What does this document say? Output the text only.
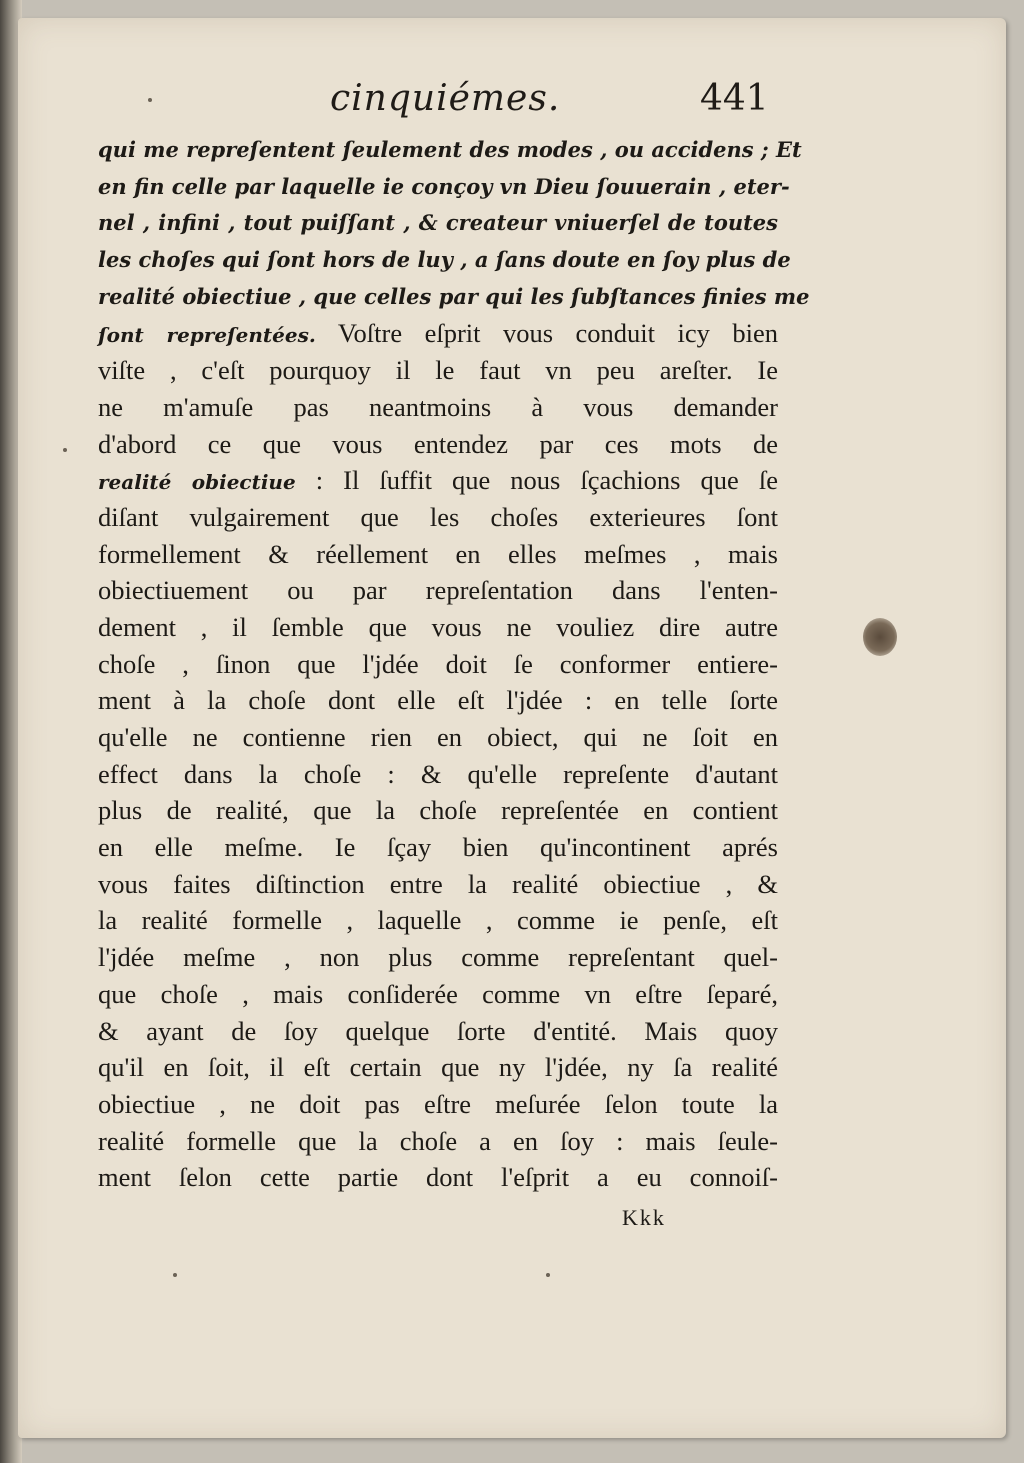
cinquiémes.	441
qui me repreſentent ſeulement des modes , ou accidens ; Et
en fin celle par laquelle ie conçoy vn Dieu ſouuerain , eter-
nel , infini , tout puiſſant , & createur vniuerſel de toutes
les choſes qui ſont hors de luy , a ſans doute en ſoy plus de
realité obiectiue , que celles par qui les ſubſtances finies me
ſont repreſentées. Voſtre eſprit vous conduit icy bien
viſte , c'eſt pourquoy il le faut vn peu areſter. Ie
ne m'amuſe pas neantmoins à vous demander
d'abord ce que vous entendez par ces mots de
realité obiectiue : Il ſuffit que nous ſçachions que ſe
diſant vulgairement que les choſes exterieures ſont
formellement & réellement en elles meſmes , mais
obiectiuement ou par repreſentation dans l'enten-
dement , il ſemble que vous ne vouliez dire autre
choſe , ſinon que l'jdée doit ſe conformer entiere-
ment à la choſe dont elle eſt l'jdée : en telle ſorte
qu'elle ne contienne rien en obiect, qui ne ſoit en
effect dans la choſe : & qu'elle repreſente d'autant
plus de realité, que la choſe repreſentée en contient
en elle meſme. Ie ſçay bien qu'incontinent aprés
vous faites diſtinction entre la realité obiectiue , &
la realité formelle , laquelle , comme ie penſe, eſt
l'jdée meſme , non plus comme repreſentant quel-
que choſe , mais conſiderée comme vn eſtre ſeparé,
& ayant de ſoy quelque ſorte d'entité. Mais quoy
qu'il en ſoit, il eſt certain que ny l'jdée, ny ſa realité
obiectiue , ne doit pas eſtre meſurée ſelon toute la
realité formelle que la choſe a en ſoy : mais ſeule-
ment ſelon cette partie dont l'eſprit a eu connoiſ-
Kkk
